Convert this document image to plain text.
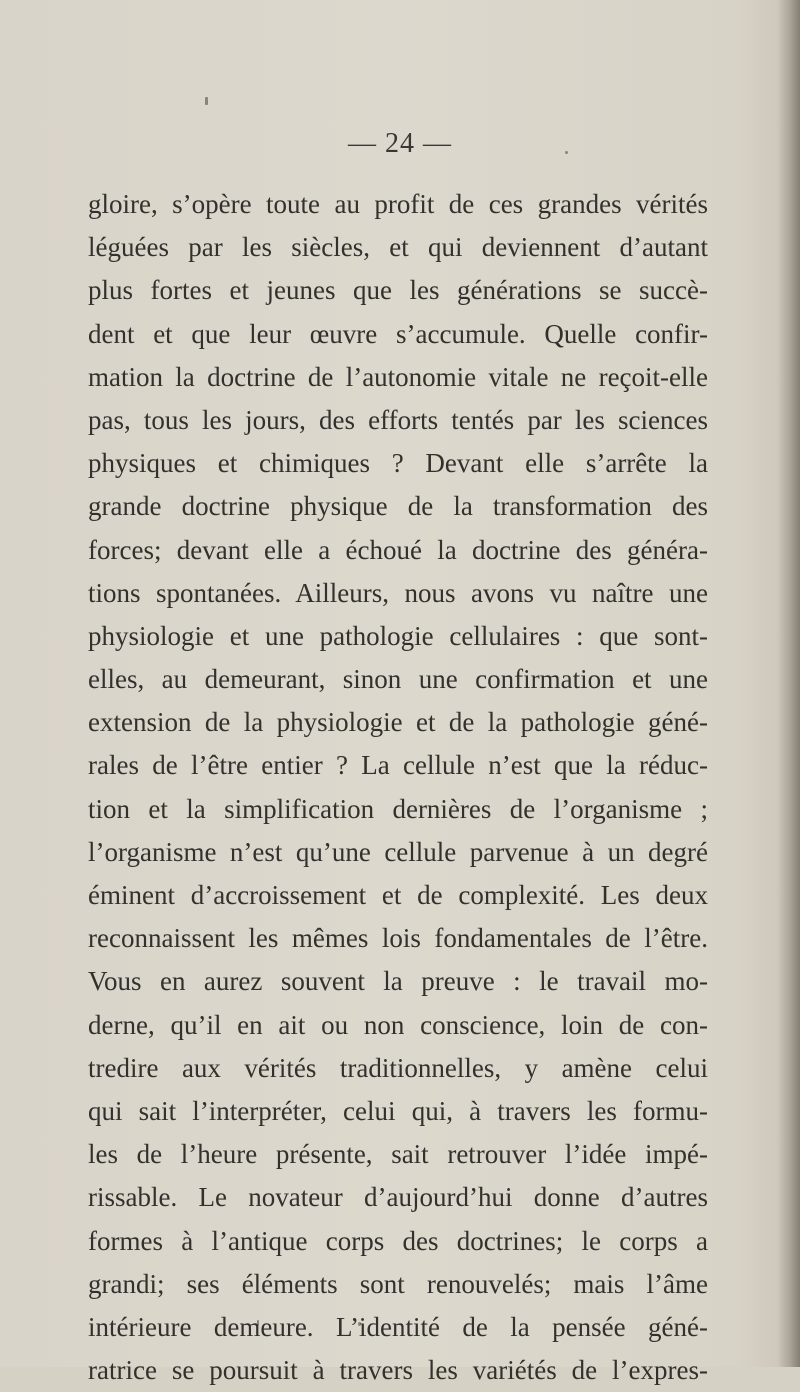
— 24 —
gloire, s’opère toute au profit de ces grandes vérités
léguées par les siècles, et qui deviennent d’autant
plus fortes et jeunes que les générations se succè-
dent et que leur œuvre s’accumule. Quelle confir-
mation la doctrine de l’autonomie vitale ne reçoit-elle
pas, tous les jours, des efforts tentés par les sciences
physiques et chimiques ? Devant elle s’arrête la
grande doctrine physique de la transformation des
forces; devant elle a échoué la doctrine des généra-
tions spontanées. Ailleurs, nous avons vu naître une
physiologie et une pathologie cellulaires : que sont-
elles, au demeurant, sinon une confirmation et une
extension de la physiologie et de la pathologie géné-
rales de l’être entier ? La cellule n’est que la réduc-
tion et la simplification dernières de l’organisme ;
l’organisme n’est qu’une cellule parvenue à un degré
éminent d’accroissement et de complexité. Les deux
reconnaissent les mêmes lois fondamentales de l’être.
Vous en aurez souvent la preuve : le travail mo-
derne, qu’il en ait ou non conscience, loin de con-
tredire aux vérités traditionnelles, y amène celui
qui sait l’interpréter, celui qui, à travers les formu-
les de l’heure présente, sait retrouver l’idée impé-
rissable. Le novateur d’aujourd’hui donne d’autres
formes à l’antique corps des doctrines; le corps a
grandi; ses éléments sont renouvelés; mais l’âme
intérieure demeure. L’identité de la pensée géné-
ratrice se poursuit à travers les variétés de l’expres-
